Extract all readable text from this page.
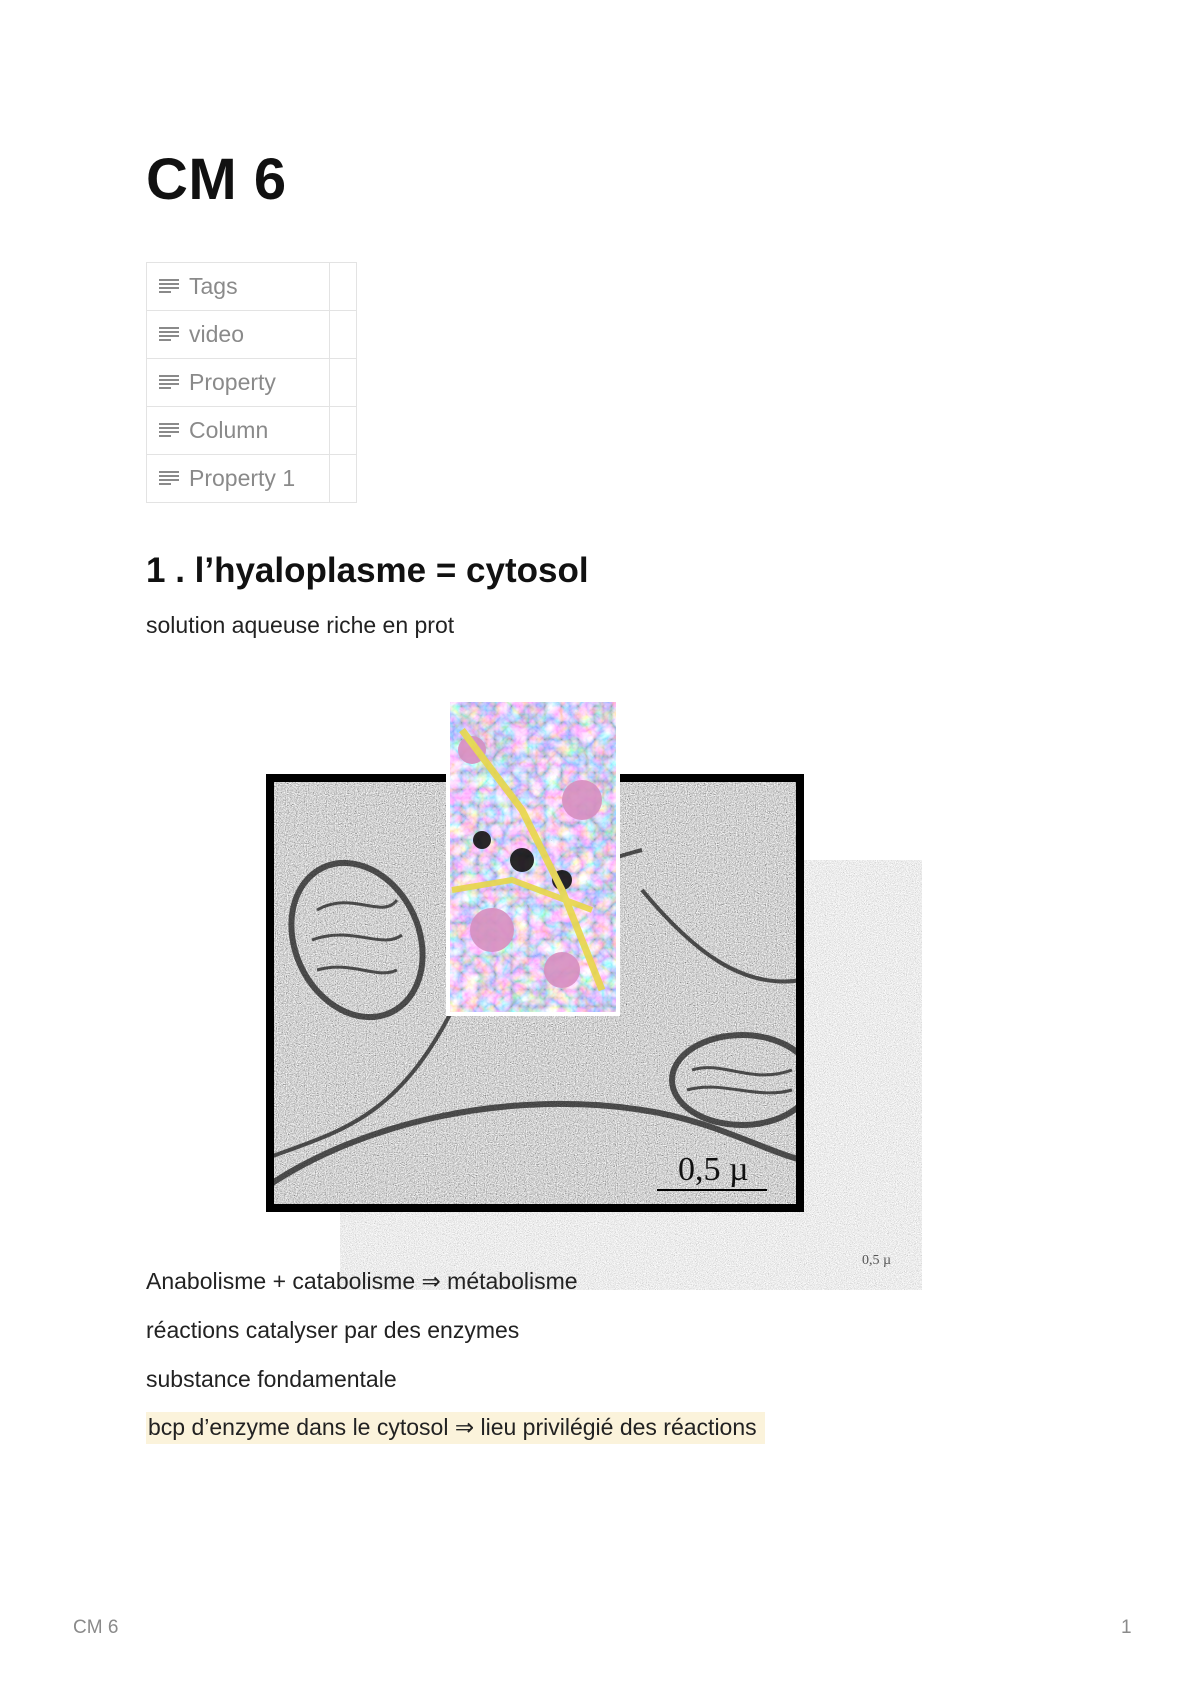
CM 6
Tags	
video	
Property	
Column	
Property 1	
1 . l’hyaloplasme = cytosol

solution aqueuse riche en prot

0,5 µ
0,5 µ

Anabolisme + catabolisme ⇒ métabolisme

réactions catalyser par des enzymes

substance fondamentale

bcp d’enzyme dans le cytosol ⇒ lieu privilégié des réactions

CM 6	1
